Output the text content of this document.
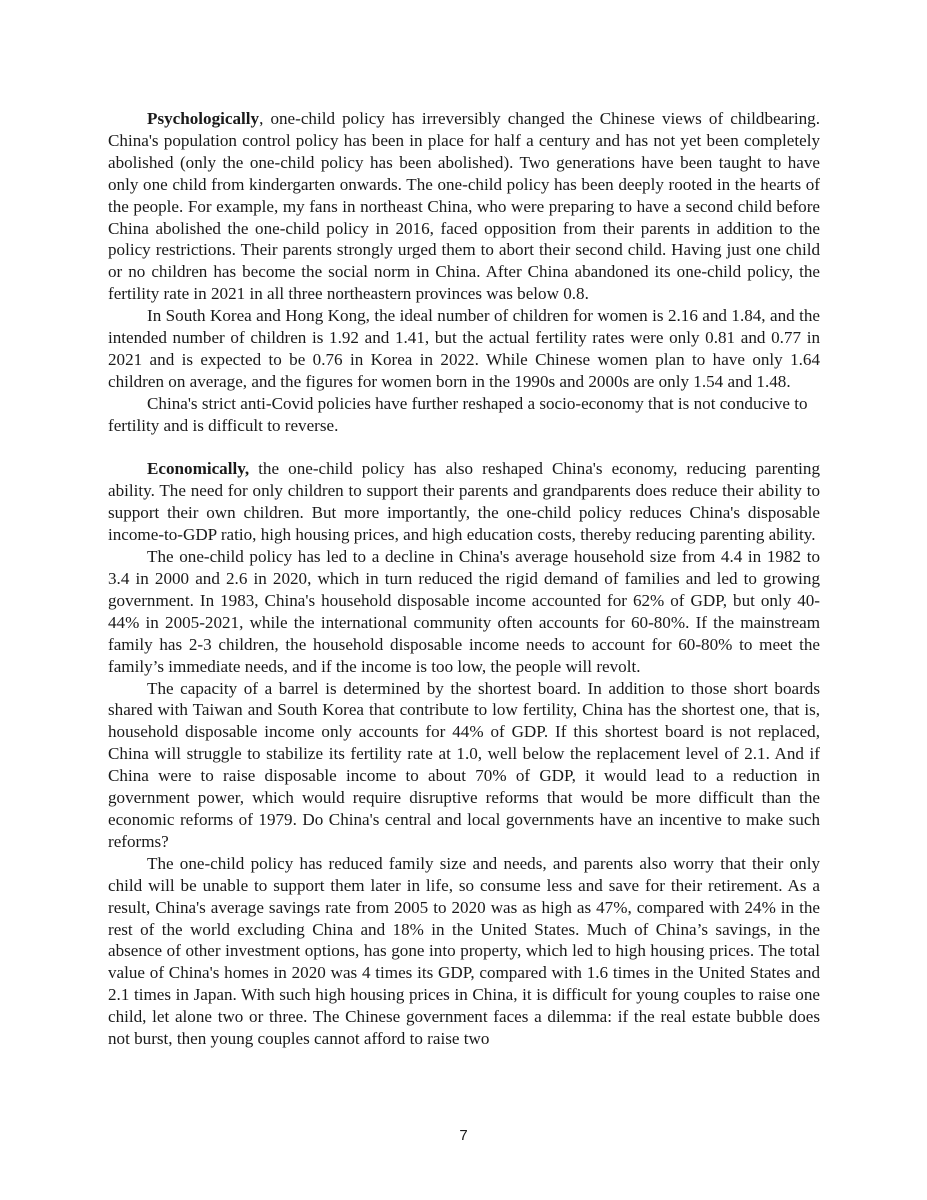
Psychologically, one-child policy has irreversibly changed the Chinese views of childbearing. China's population control policy has been in place for half a century and has not yet been completely abolished (only the one-child policy has been abolished). Two generations have been taught to have only one child from kindergarten onwards. The one-child policy has been deeply rooted in the hearts of the people. For example, my fans in northeast China, who were preparing to have a second child before China abolished the one-child policy in 2016, faced opposition from their parents in addition to the policy restrictions. Their parents strongly urged them to abort their second child. Having just one child or no children has become the social norm in China. After China abandoned its one-child policy, the fertility rate in 2021 in all three northeastern provinces was below 0.8.

In South Korea and Hong Kong, the ideal number of children for women is 2.16 and 1.84, and the intended number of children is 1.92 and 1.41, but the actual fertility rates were only 0.81 and 0.77 in 2021 and is expected to be 0.76 in Korea in 2022. While Chinese women plan to have only 1.64 children on average, and the figures for women born in the 1990s and 2000s are only 1.54 and 1.48.

China's strict anti-Covid policies have further reshaped a socio-economy that is not conducive to fertility and is difficult to reverse.

Economically, the one-child policy has also reshaped China's economy, reducing parenting ability. The need for only children to support their parents and grandparents does reduce their ability to support their own children. But more importantly, the one-child policy reduces China's disposable income-to-GDP ratio, high housing prices, and high education costs, thereby reducing parenting ability.

The one-child policy has led to a decline in China's average household size from 4.4 in 1982 to 3.4 in 2000 and 2.6 in 2020, which in turn reduced the rigid demand of families and led to growing government. In 1983, China's household disposable income accounted for 62% of GDP, but only 40-44% in 2005-2021, while the international community often accounts for 60-80%. If the mainstream family has 2-3 children, the household disposable income needs to account for 60-80% to meet the family’s immediate needs, and if the income is too low, the people will revolt.

The capacity of a barrel is determined by the shortest board. In addition to those short boards shared with Taiwan and South Korea that contribute to low fertility, China has the shortest one, that is, household disposable income only accounts for 44% of GDP. If this shortest board is not replaced, China will struggle to stabilize its fertility rate at 1.0, well below the replacement level of 2.1. And if China were to raise disposable income to about 70% of GDP, it would lead to a reduction in government power, which would require disruptive reforms that would be more difficult than the economic reforms of 1979. Do China's central and local governments have an incentive to make such reforms?

The one-child policy has reduced family size and needs, and parents also worry that their only child will be unable to support them later in life, so consume less and save for their retirement. As a result, China's average savings rate from 2005 to 2020 was as high as 47%, compared with 24% in the rest of the world excluding China and 18% in the United States. Much of China’s savings, in the absence of other investment options, has gone into property, which led to high housing prices. The total value of China's homes in 2020 was 4 times its GDP, compared with 1.6 times in the United States and 2.1 times in Japan. With such high housing prices in China, it is difficult for young couples to raise one child, let alone two or three. The Chinese government faces a dilemma: if the real estate bubble does not burst, then young couples cannot afford to raise two

7
